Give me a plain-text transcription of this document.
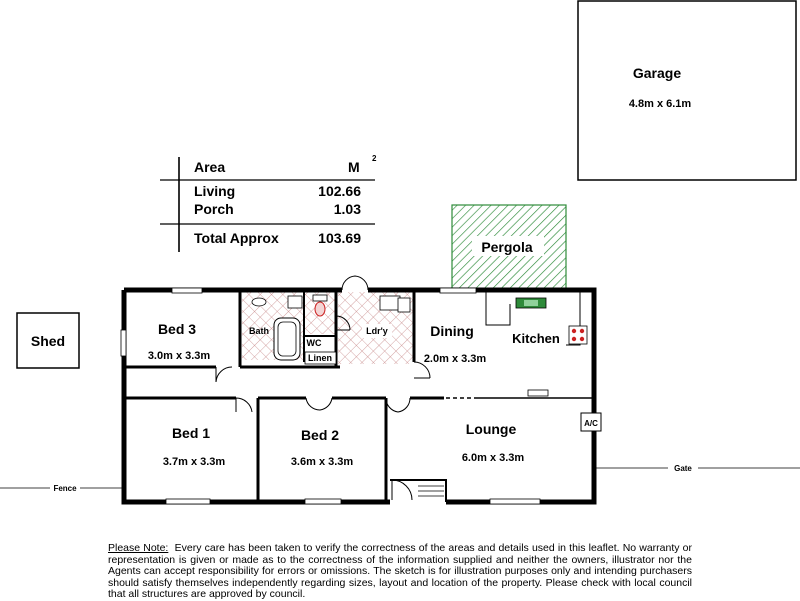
Area	M
2
Living	102.66
Porch	1.03
Total Approx	103.69
Garage
4.8m x 6.1m
Pergola
Shed
Fence
Gate
A/C
Bed 3
3.0m x 3.3m
Bath
WC
Linen
Ldr'y	Dining
2.0m x 3.3m
Kitchen
Bed 1
3.7m x 3.3m
Bed 2
3.6m x 3.3m
Lounge
6.0m x 3.3m
Please Note: Every care has been taken to verify the correctness of the areas and details used in this leaflet. No warranty or representation is given or made as to the correctness of the information supplied and neither the owners, illustrator nor the Agents can accept responsibility for errors or omissions. The sketch is for illustration purposes only and intending purchasers should satisfy themselves independently regarding sizes, layout and location of the property. Please check with local council that all structures are approved by council.
